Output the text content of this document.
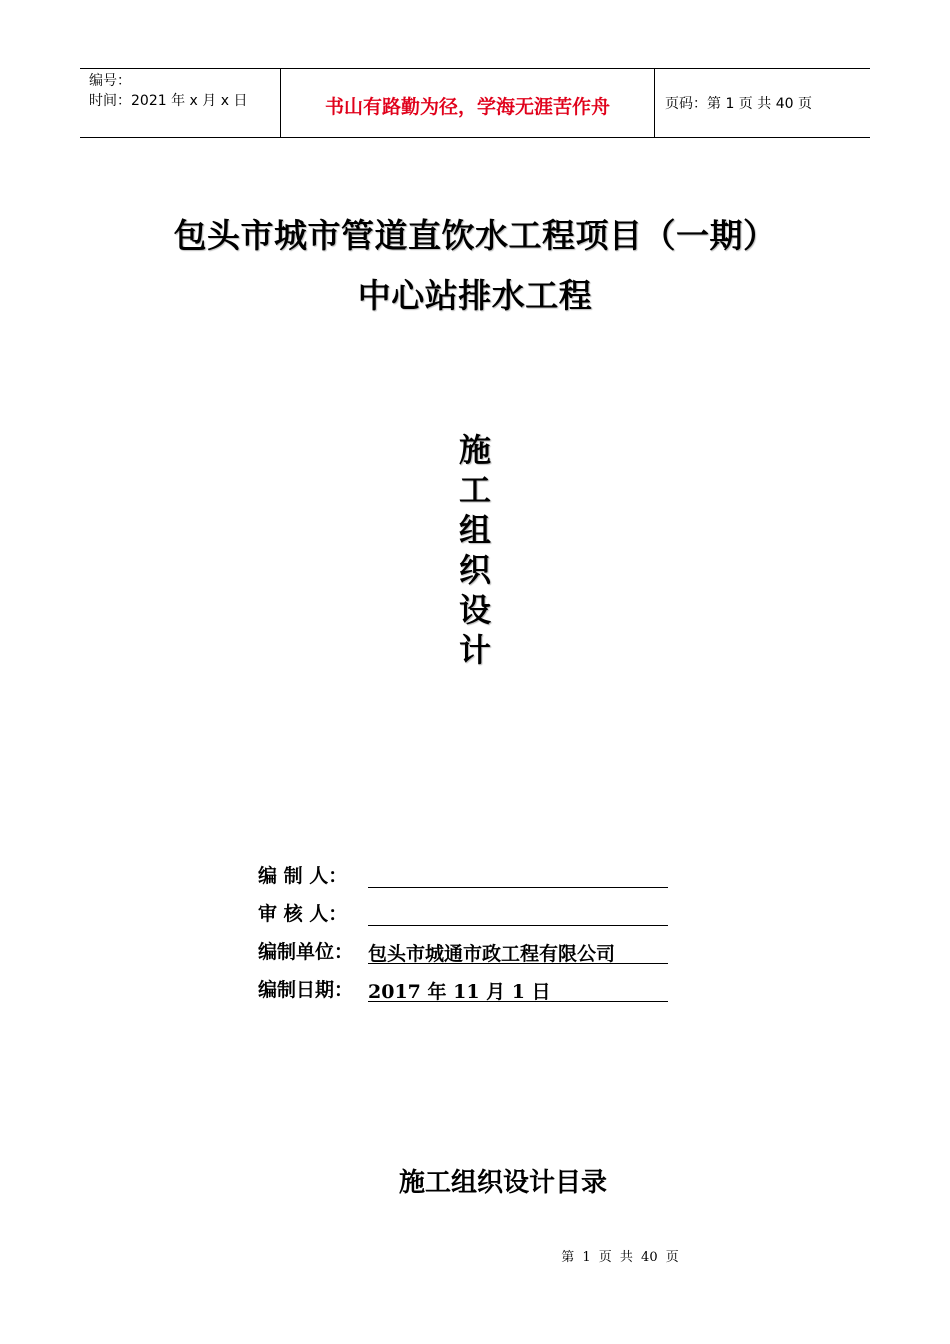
编号：
时间：2021 年 x 月 x 日	书山有路勤为径，学海无涯苦作舟	页码：第 1 页 共 40 页
包头市城市管道直饮水工程项目（一期）
中心站排水工程
施
工
组
织
设
计
编 制 人：
审 核 人：
编制单位： 包头市城通市政工程有限公司
编制日期： 2017 年 11 月 1 日
施工组织设计目录
第 1 页 共 40 页
